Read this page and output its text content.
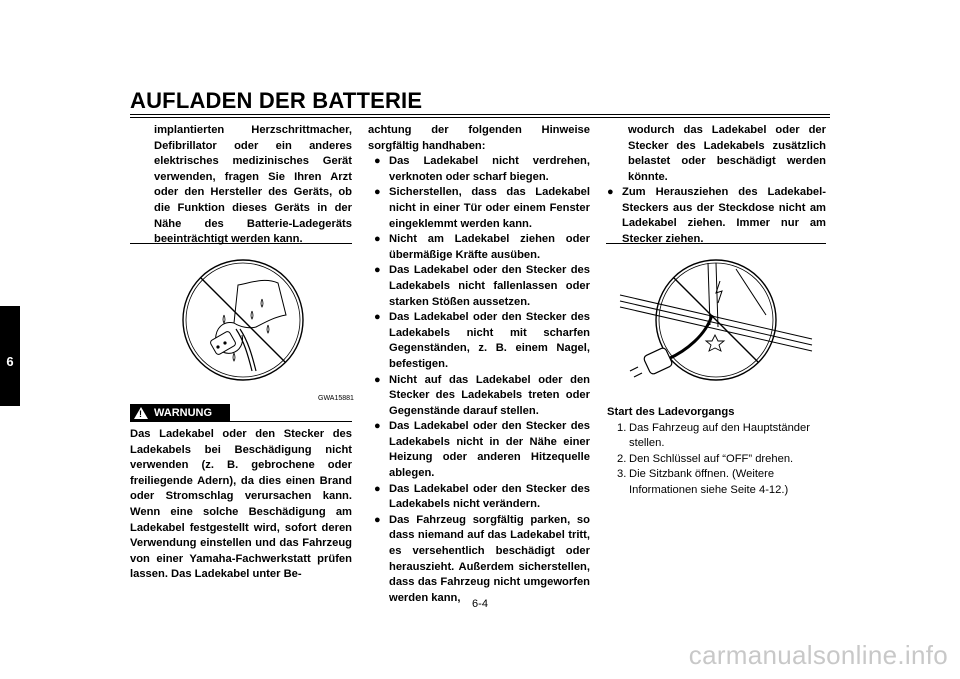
AUFLADEN DER BATTERIE
6
implantierten Herzschrittmacher, Defibrillator oder ein anderes elektrisches medizinisches Gerät verwenden, fragen Sie Ihren Arzt oder den Hersteller des Geräts, ob die Funktion dieses Geräts in der Nähe des Batterie-Ladegeräts beeinträchtigt werden kann.
GWA15881
! WARNUNG
Das Ladekabel oder den Stecker des Ladekabels bei Beschädigung nicht verwenden (z. B. gebrochene oder freiliegende Adern), da dies einen Brand oder Stromschlag verursachen kann. Wenn eine solche Beschädigung am Ladekabel festgestellt wird, sofort deren Verwendung einstellen und das Fahrzeug von einer Yamaha-Fachwerkstatt prüfen lassen. Das Ladekabel unter Be-
achtung der folgenden Hinweise sorgfältig handhaben:
● Das Ladekabel nicht verdrehen, verknoten oder scharf biegen.
● Sicherstellen, dass das Ladekabel nicht in einer Tür oder einem Fenster eingeklemmt werden kann.
● Nicht am Ladekabel ziehen oder übermäßige Kräfte ausüben.
● Das Ladekabel oder den Stecker des Ladekabels nicht fallenlassen oder starken Stößen aussetzen.
● Das Ladekabel oder den Stecker des Ladekabels nicht mit scharfen Gegenständen, z. B. einem Nagel, befestigen.
● Nicht auf das Ladekabel oder den Stecker des Ladekabels treten oder Gegenstände darauf stellen.
● Das Ladekabel oder den Stecker des Ladekabels nicht in der Nähe einer Heizung oder anderen Hitzequelle ablegen.
● Das Ladekabel oder den Stecker des Ladekabels nicht verändern.
● Das Fahrzeug sorgfältig parken, so dass niemand auf das Ladekabel tritt, es versehentlich beschädigt oder herauszieht. Außerdem sicherstellen, dass das Fahrzeug nicht umgeworfen werden kann,
wodurch das Ladekabel oder der Stecker des Ladekabels zusätzlich belastet oder beschädigt werden könnte.
● Zum Herausziehen des Ladekabel-Steckers aus der Steckdose nicht am Ladekabel ziehen. Immer nur am Stecker ziehen.
Start des Ladevorgangs
1. Das Fahrzeug auf den Hauptständer stellen.
2. Den Schlüssel auf “OFF” drehen.
3. Die Sitzbank öffnen. (Weitere Informationen siehe Seite 4-12.)
6-4
carmanualsonline.info
